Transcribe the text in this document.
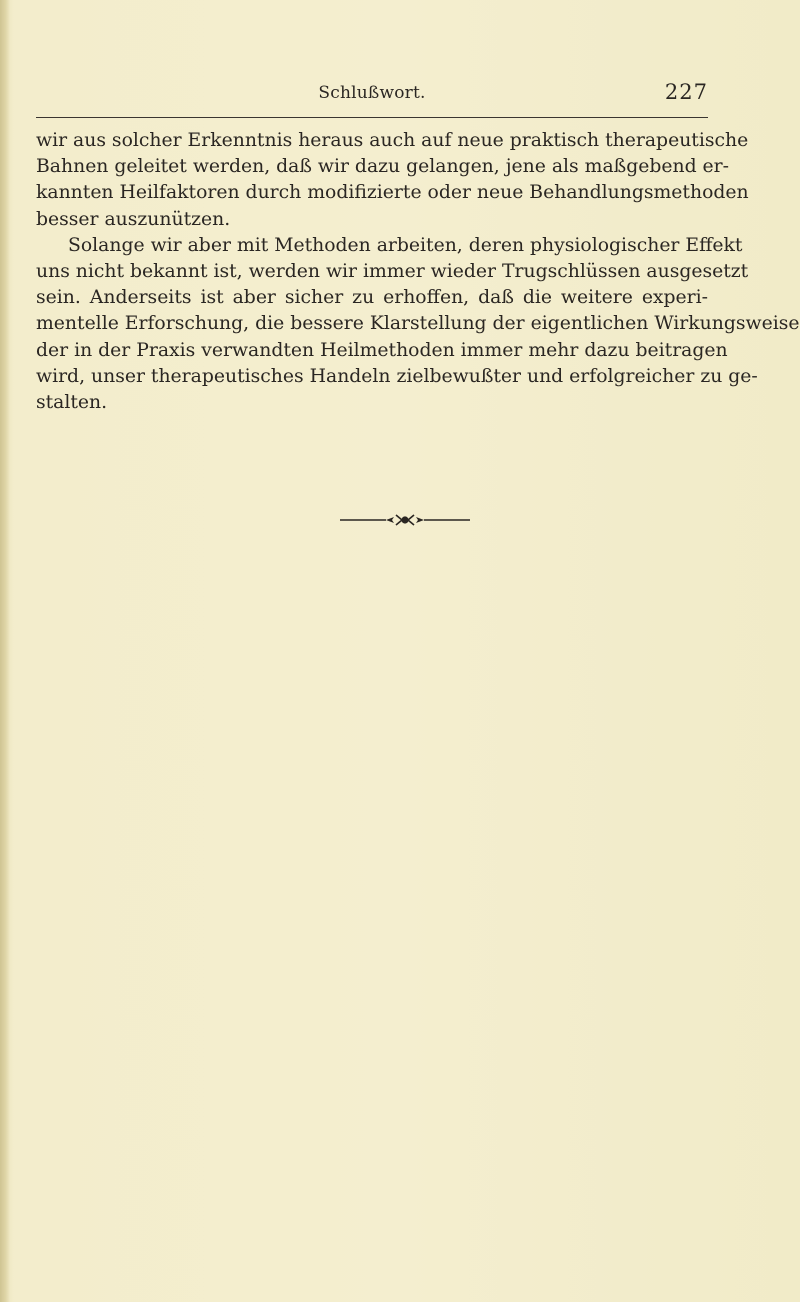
Schlußwort.	227
wir aus solcher Erkenntnis heraus auch auf neue praktisch therapeutische
Bahnen geleitet werden, daß wir dazu gelangen, jene als maßgebend er-
kannten Heilfaktoren durch modifizierte oder neue Behandlungsmethoden
besser auszunützen.
Solange wir aber mit Methoden arbeiten, deren physiologischer Effekt
uns nicht bekannt ist, werden wir immer wieder Trugschlüssen ausgesetzt
sein. Anderseits ist aber sicher zu erhoffen, daß die weitere experi-
mentelle Erforschung, die bessere Klarstellung der eigentlichen Wirkungsweise
der in der Praxis verwandten Heilmethoden immer mehr dazu beitragen
wird, unser therapeutisches Handeln zielbewußter und erfolgreicher zu ge-
stalten.
